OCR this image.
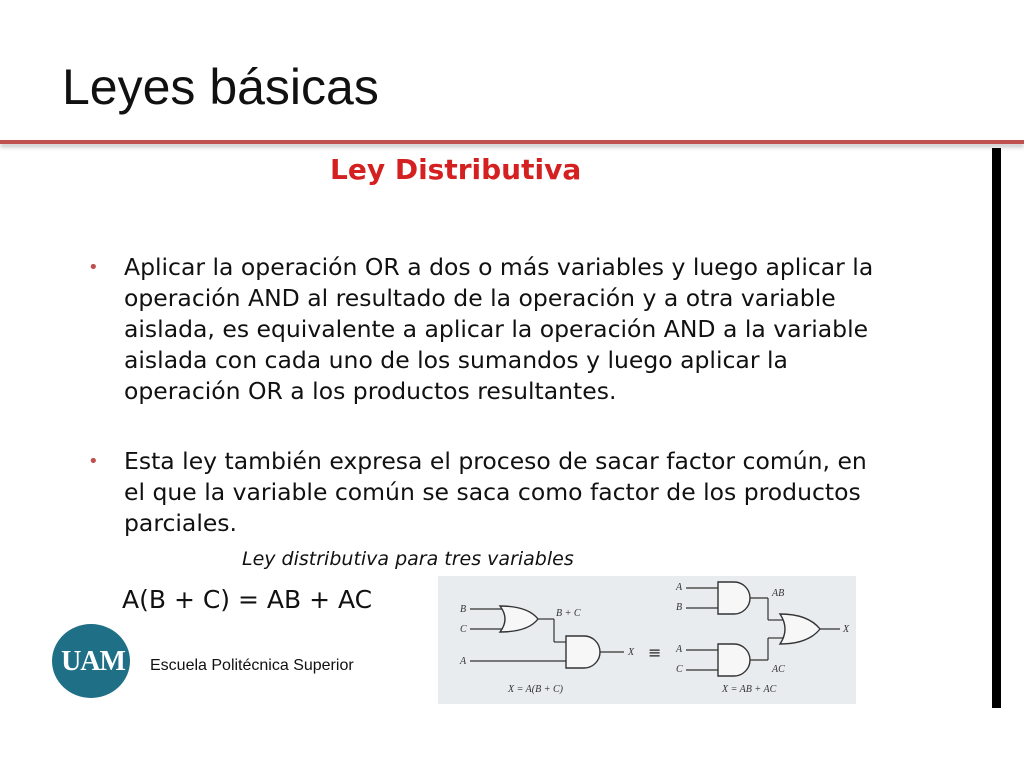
Leyes básicas
Ley Distributiva
• Aplicar la operación OR a dos o más variables y luego aplicar la operación AND al resultado de la operación y a otra variable aislada, es equivalente a aplicar la operación AND a la variable aislada con cada uno de los sumandos y luego aplicar la operación OR a los productos resultantes.
• Esta ley también expresa el proceso de sacar factor común, en el que la variable común se saca como factor de los productos parciales.
Ley distributiva para tres variables
A(B + C) = AB + AC
UAM	Escuela Politécnica Superior
B
C
A
B + C
X
X = A(B + C)
≡
A
B
AB
A
C	AC
X
X = AB + AC
